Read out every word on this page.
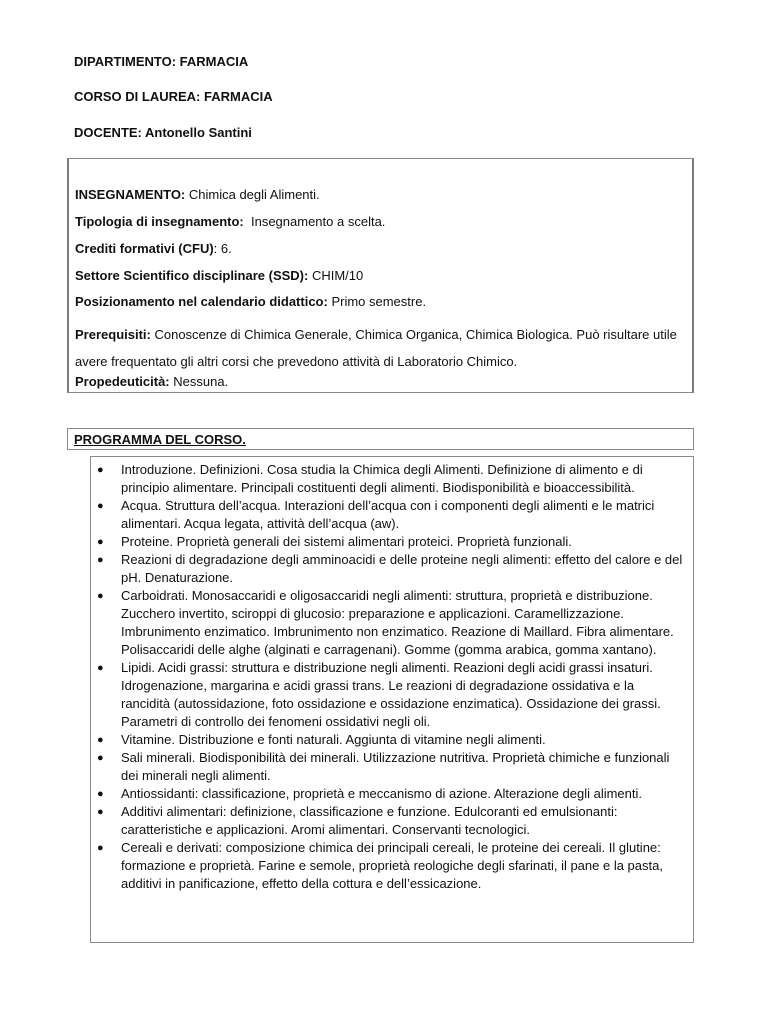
DIPARTIMENTO: FARMACIA
CORSO DI LAUREA: FARMACIA
DOCENTE: Antonello Santini
INSEGNAMENTO: Chimica degli Alimenti.
Tipologia di insegnamento:  Insegnamento a scelta.
Crediti formativi (CFU): 6.
Settore Scientifico disciplinare (SSD): CHIM/10
Posizionamento nel calendario didattico: Primo semestre.
Prerequisiti: Conoscenze di Chimica Generale, Chimica Organica, Chimica Biologica. Può risultare utile avere frequentato gli altri corsi che prevedono attività di Laboratorio Chimico.
Propedeuticità: Nessuna.
PROGRAMMA DEL CORSO.
● Introduzione. Definizioni. Cosa studia la Chimica degli Alimenti. Definizione di alimento e di principio alimentare. Principali costituenti degli alimenti. Biodisponibilità e bioaccessibilità.
● Acqua. Struttura dell’acqua. Interazioni dell’acqua con i componenti degli alimenti e le matrici alimentari. Acqua legata, attività dell’acqua (aw).
● Proteine. Proprietà generali dei sistemi alimentari proteici. Proprietà funzionali.
● Reazioni di degradazione degli amminoacidi e delle proteine negli alimenti: effetto del calore e del pH. Denaturazione.
● Carboidrati. Monosaccaridi e oligosaccaridi negli alimenti: struttura, proprietà e distribuzione. Zucchero invertito, sciroppi di glucosio: preparazione e applicazioni. Caramellizzazione. Imbrunimento enzimatico. Imbrunimento non enzimatico. Reazione di Maillard. Fibra alimentare. Polisaccaridi delle alghe (alginati e carragenani). Gomme (gomma arabica, gomma xantano).
● Lipidi. Acidi grassi: struttura e distribuzione negli alimenti. Reazioni degli acidi grassi insaturi. Idrogenazione, margarina e acidi grassi trans. Le reazioni di degradazione ossidativa e la rancidità (autossidazione, foto ossidazione e ossidazione enzimatica). Ossidazione dei grassi. Parametri di controllo dei fenomeni ossidativi negli oli.
● Vitamine. Distribuzione e fonti naturali. Aggiunta di vitamine negli alimenti.
● Sali minerali. Biodisponibilità dei minerali. Utilizzazione nutritiva. Proprietà chimiche e funzionali dei minerali negli alimenti.
● Antiossidanti: classificazione, proprietà e meccanismo di azione. Alterazione degli alimenti.
● Additivi alimentari: definizione, classificazione e funzione. Edulcoranti ed emulsionanti: caratteristiche e applicazioni. Aromi alimentari. Conservanti tecnologici.
● Cereali e derivati: composizione chimica dei principali cereali, le proteine dei cereali. Il glutine: formazione e proprietà. Farine e semole, proprietà reologiche degli sfarinati, il pane e la pasta, additivi in panificazione, effetto della cottura e dell’essicazione.
